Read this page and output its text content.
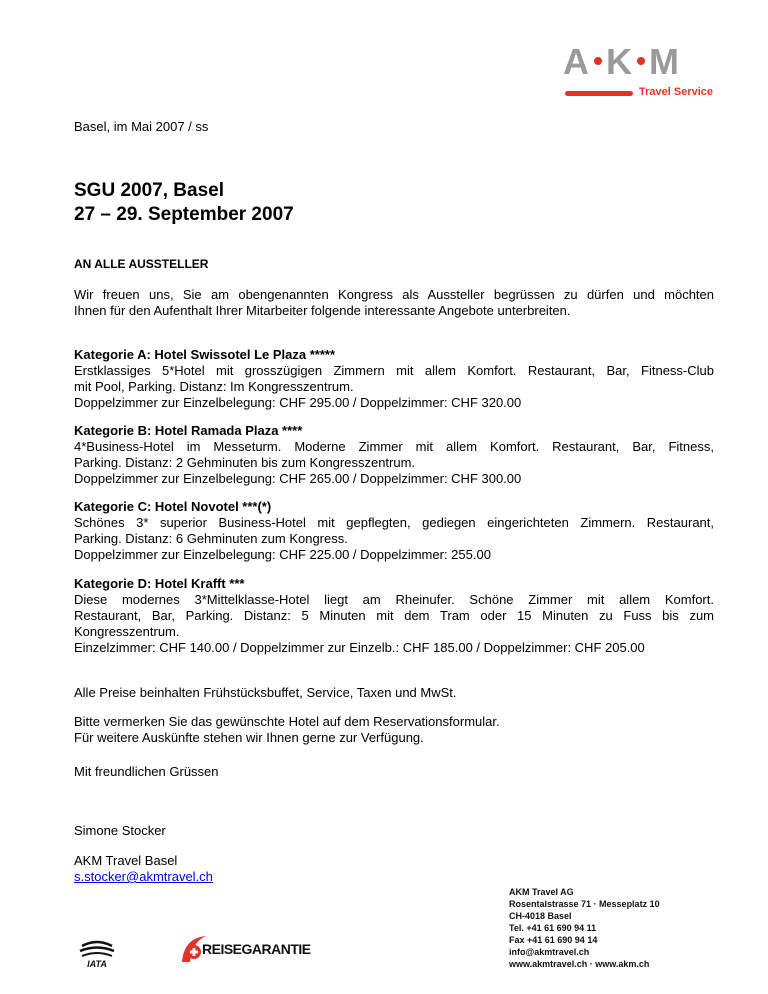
A K M
Travel Service
Basel, im Mai 2007 / ss
SGU 2007, Basel
27 – 29. September 2007
AN ALLE AUSSTELLER
Wir freuen uns, Sie am obengenannten Kongress als Aussteller begrüssen zu dürfen und möchten
Ihnen für den Aufenthalt Ihrer Mitarbeiter folgende interessante Angebote unterbreiten.
Kategorie A: Hotel Swissotel Le Plaza *****
Erstklassiges 5*Hotel mit grosszügigen Zimmern mit allem Komfort. Restaurant, Bar, Fitness-Club
mit Pool, Parking. Distanz: Im Kongresszentrum.
Doppelzimmer zur Einzelbelegung: CHF 295.00 / Doppelzimmer: CHF 320.00
Kategorie B: Hotel Ramada Plaza ****
4*Business-Hotel im Messeturm. Moderne Zimmer mit allem Komfort. Restaurant, Bar, Fitness,
Parking. Distanz: 2 Gehminuten bis zum Kongresszentrum.
Doppelzimmer zur Einzelbelegung: CHF 265.00 / Doppelzimmer: CHF 300.00
Kategorie C: Hotel Novotel ***(*)
Schönes 3* superior Business-Hotel mit gepflegten, gediegen eingerichteten Zimmern. Restaurant,
Parking. Distanz: 6 Gehminuten zum Kongress.
Doppelzimmer zur Einzelbelegung: CHF 225.00 / Doppelzimmer: 255.00
Kategorie D: Hotel Krafft ***
Diese modernes 3*Mittelklasse-Hotel liegt am Rheinufer. Schöne Zimmer mit allem Komfort.
Restaurant, Bar, Parking. Distanz: 5 Minuten mit dem Tram oder 15 Minuten zu Fuss bis zum
Kongresszentrum.
Einzelzimmer: CHF 140.00 / Doppelzimmer zur Einzelb.: CHF 185.00 / Doppelzimmer: CHF 205.00
Alle Preise beinhalten Frühstücksbuffet, Service, Taxen und MwSt.
Bitte vermerken Sie das gewünschte Hotel auf dem Reservationsformular.
Für weitere Auskünfte stehen wir Ihnen gerne zur Verfügung.
Mit freundlichen Grüssen
Simone Stocker
AKM Travel Basel
s.stocker@akmtravel.ch
AKM Travel AG
Rosentalstrasse 71 · Messeplatz 10
CH-4018 Basel
Tel. +41 61 690 94 11
Fax +41 61 690 94 14
info@akmtravel.ch
www.akmtravel.ch · www.akm.ch
IATA
REISEGARANTIE
